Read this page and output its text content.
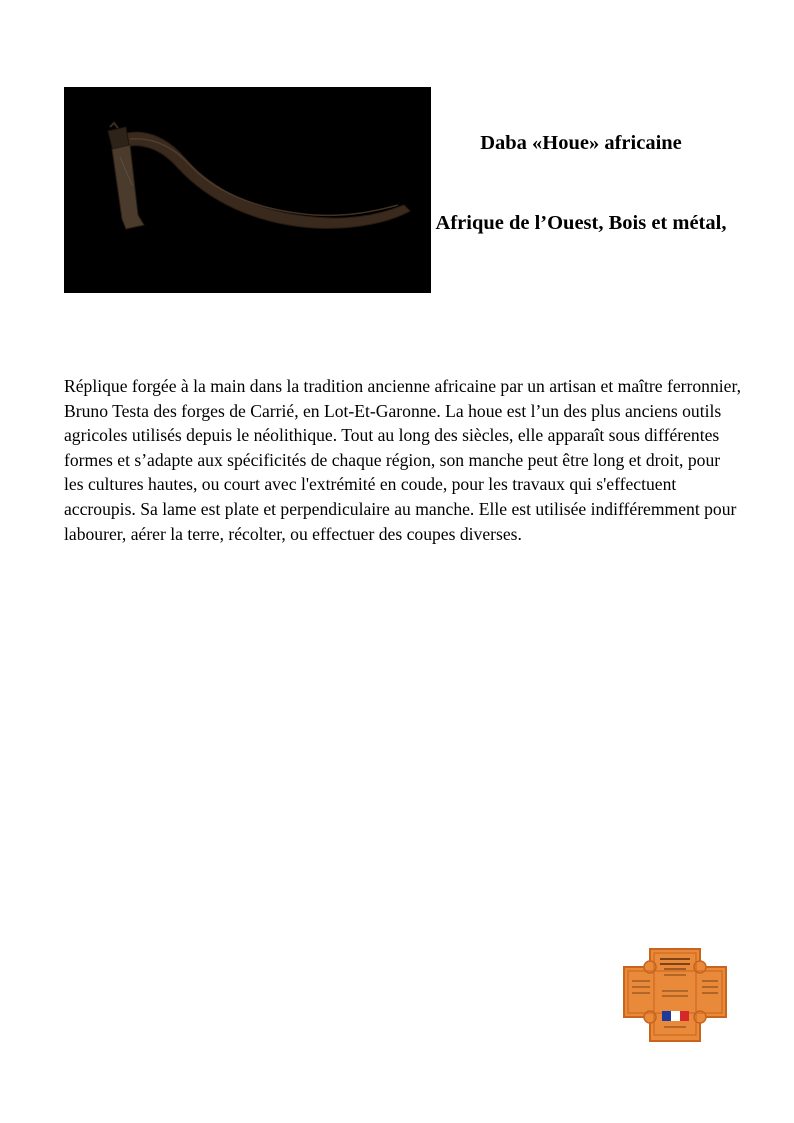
Daba «Houe» africaine

Afrique de l’Ouest, Bois et métal,

Réplique forgée à la main dans la tradition ancienne africaine par un artisan et maître ferronnier, Bruno Testa des forges de Carrié, en Lot-Et-Garonne. La houe est l’un des plus anciens outils agricoles utilisés depuis le néolithique. Tout au long des siècles, elle apparaît sous différentes formes et s’adapte aux spécificités de chaque région, son manche peut être long et droit, pour les cultures hautes, ou court avec l'extrémité en coude, pour les travaux qui s'effectuent accroupis. Sa lame est plate et perpendiculaire au manche. Elle est utilisée indifféremment pour labourer, aérer la terre, récolter, ou effectuer des coupes diverses.
